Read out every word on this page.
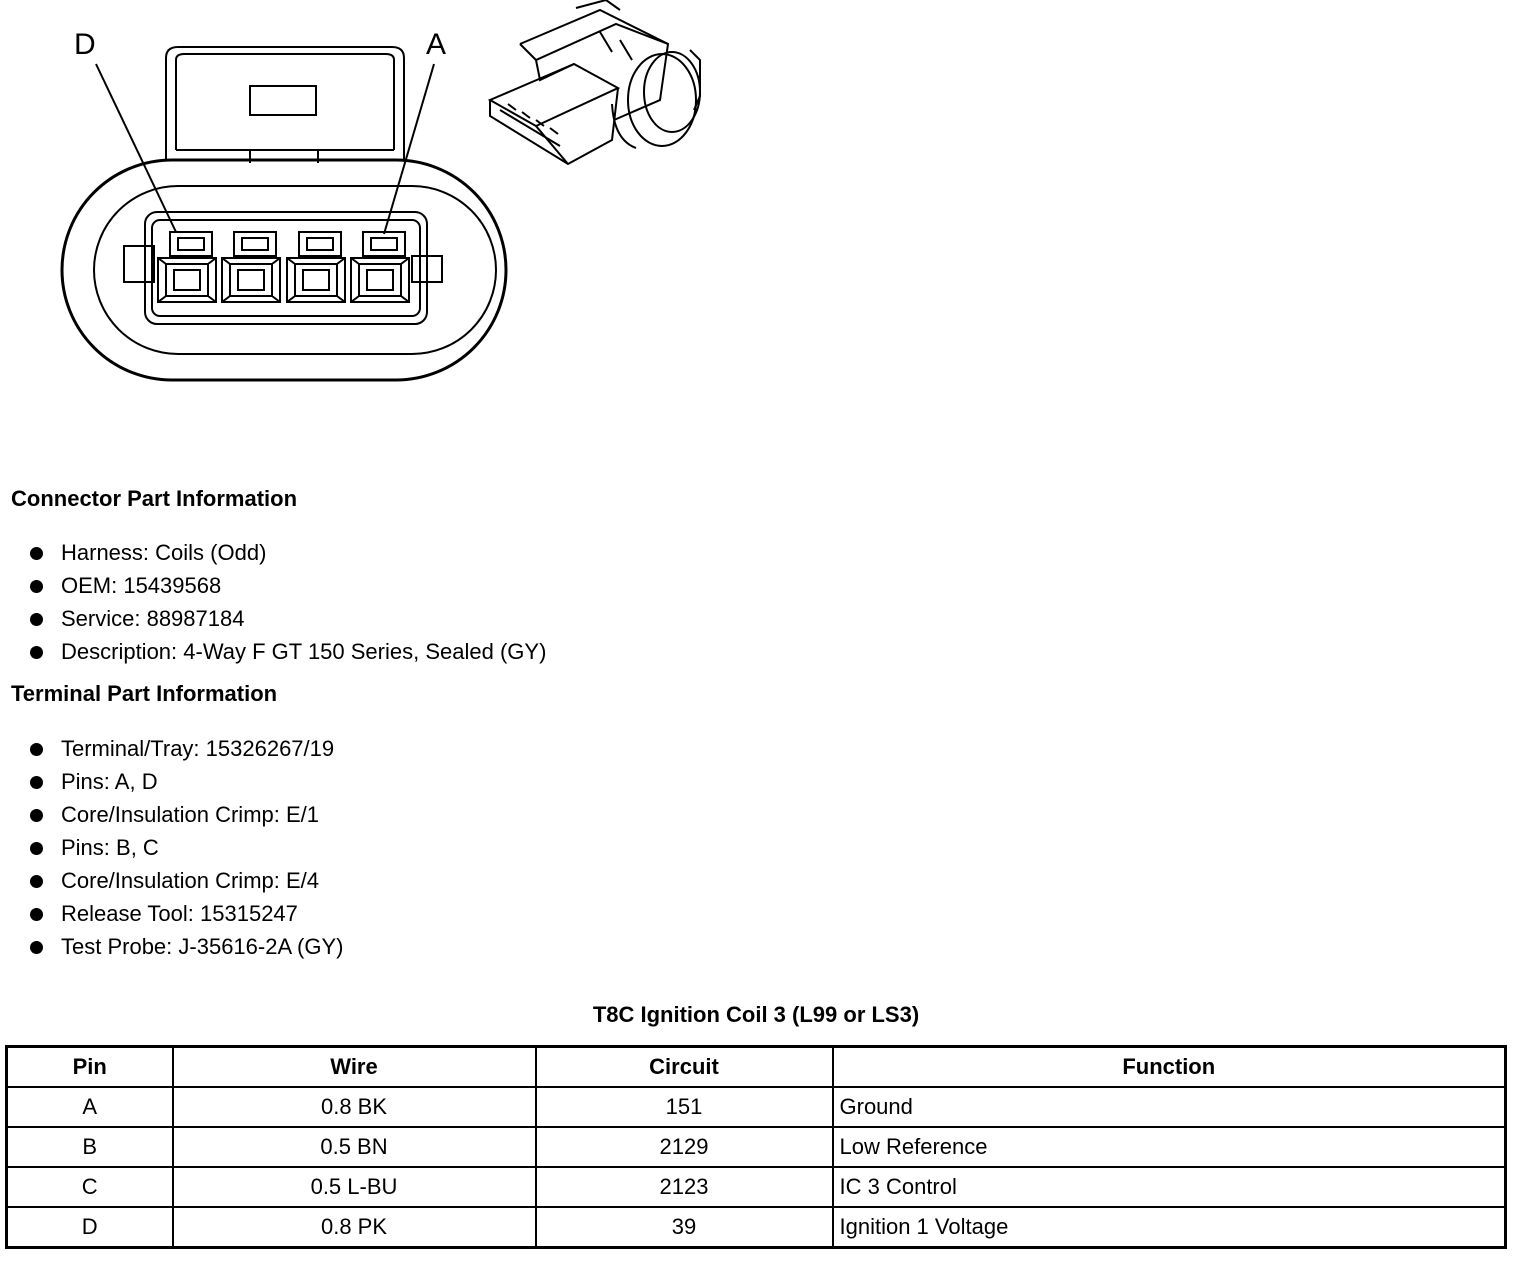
D	A
Connector Part Information
Harness: Coils (Odd)
OEM: 15439568
Service: 88987184
Description: 4-Way F GT 150 Series, Sealed (GY)
Terminal Part Information
Terminal/Tray: 15326267/19
Pins: A, D
Core/Insulation Crimp: E/1
Pins: B, C
Core/Insulation Crimp: E/4
Release Tool: 15315247
Test Probe: J-35616-2A (GY)
T8C Ignition Coil 3 (L99 or LS3)
Pin	Wire	Circuit	Function
A	0.8 BK	151	Ground
B	0.5 BN	2129	Low Reference
C	0.5 L-BU	2123	IC 3 Control
D	0.8 PK	39	Ignition 1 Voltage
